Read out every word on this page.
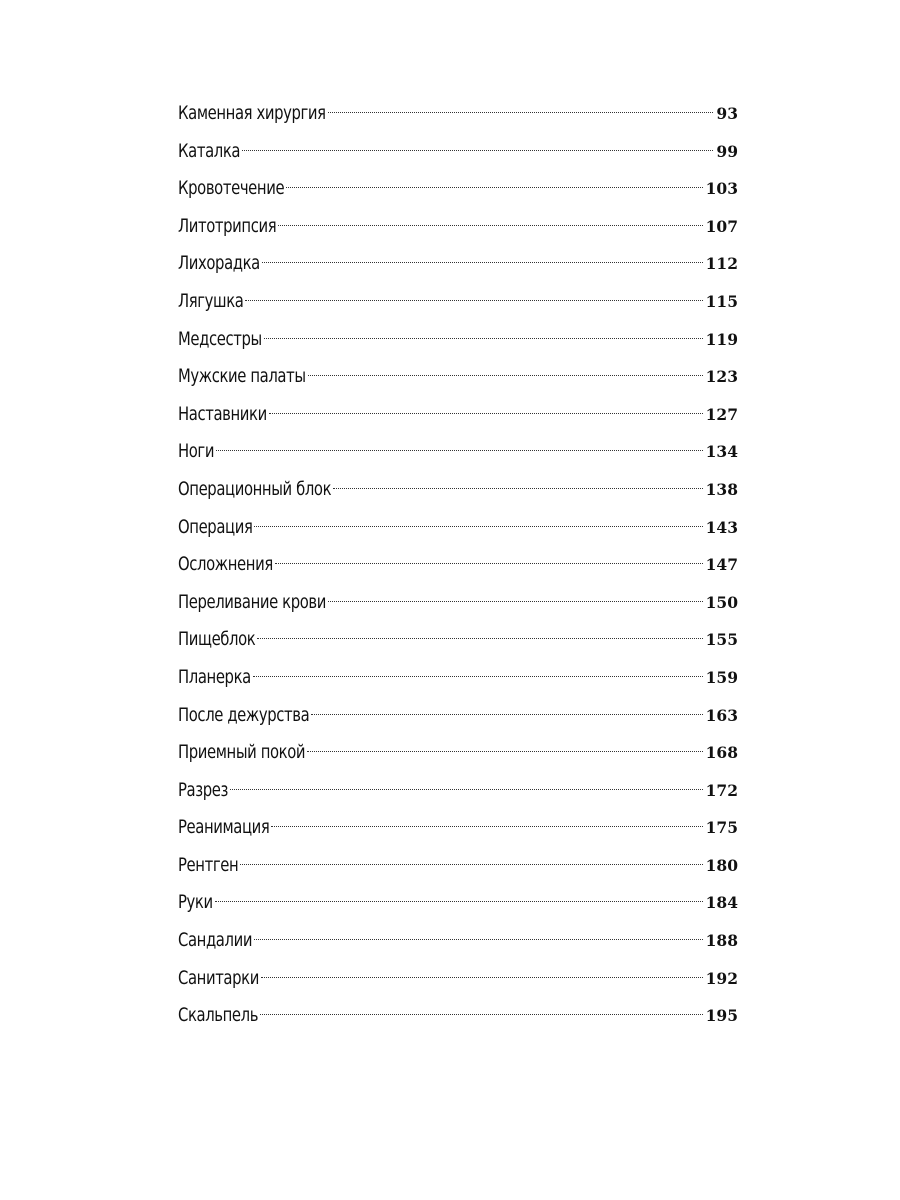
Каменная хирургия	93
Каталка	99
Кровотечение	103
Литотрипсия	107
Лихорадка	112
Лягушка	115
Медсестры	119
Мужские палаты	123
Наставники	127
Ноги	134
Операционный блок	138
Операция	143
Осложнения	147
Переливание крови	150
Пищеблок	155
Планерка	159
После дежурства	163
Приемный покой	168
Разрез	172
Реанимация	175
Рентген	180
Руки	184
Сандалии	188
Санитарки	192
Скальпель	195
